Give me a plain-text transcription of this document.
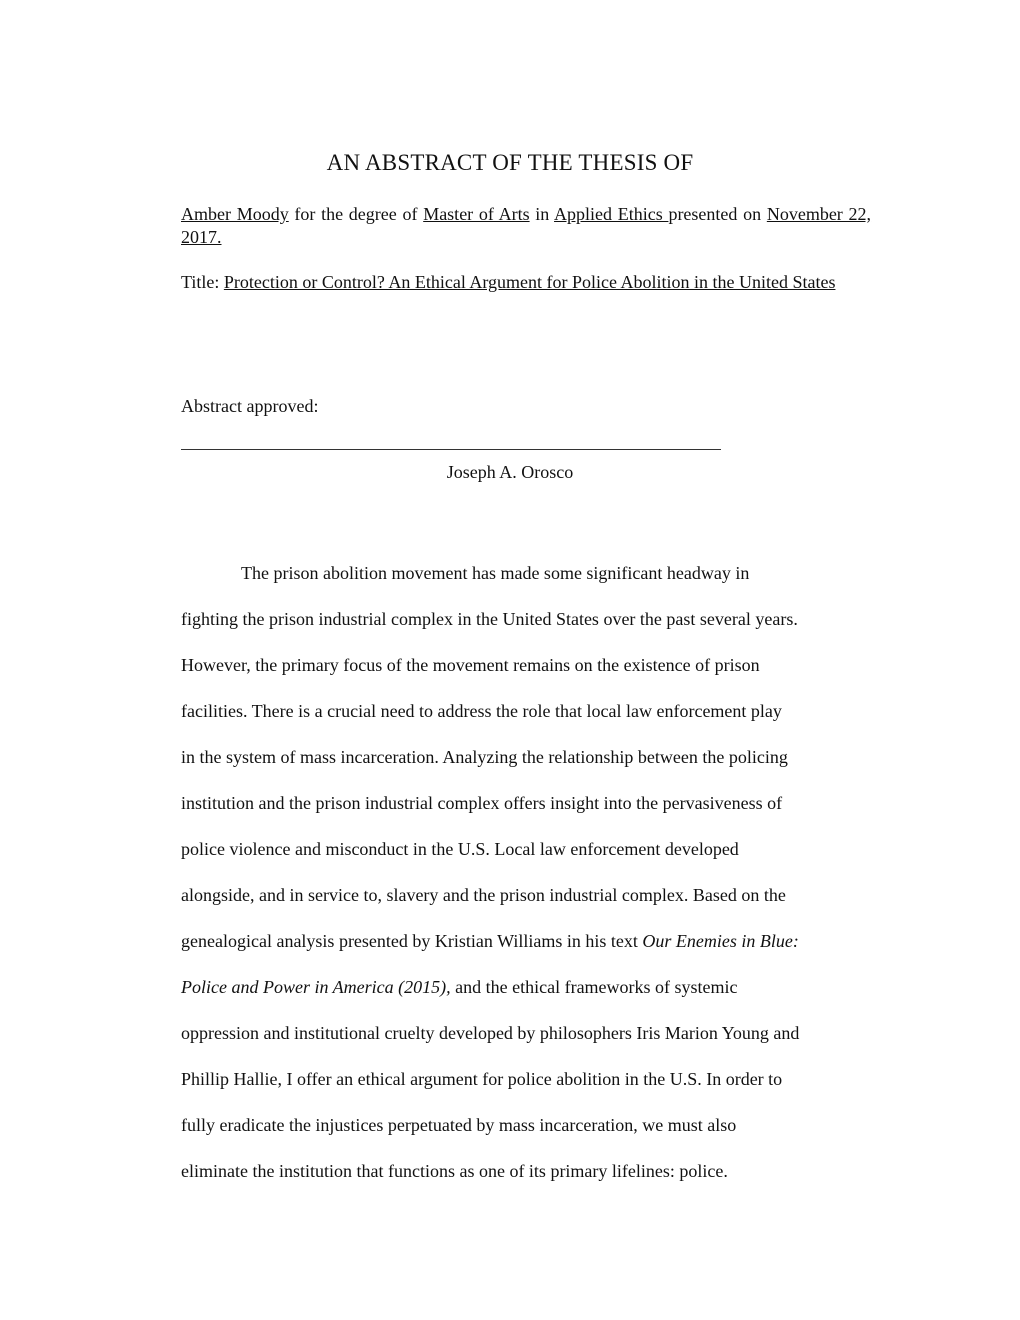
AN ABSTRACT OF THE THESIS OF
Amber Moody for the degree of Master of Arts in Applied Ethics presented on November 22, 2017.
Title: Protection or Control? An Ethical Argument for Police Abolition in the United States
Abstract approved:
Joseph A. Orosco
The prison abolition movement has made some significant headway in
fighting the prison industrial complex in the United States over the past several years.
However, the primary focus of the movement remains on the existence of prison
facilities. There is a crucial need to address the role that local law enforcement play
in the system of mass incarceration. Analyzing the relationship between the policing
institution and the prison industrial complex offers insight into the pervasiveness of
police violence and misconduct in the U.S. Local law enforcement developed
alongside, and in service to, slavery and the prison industrial complex. Based on the
genealogical analysis presented by Kristian Williams in his text Our Enemies in Blue:
Police and Power in America (2015), and the ethical frameworks of systemic
oppression and institutional cruelty developed by philosophers Iris Marion Young and
Phillip Hallie, I offer an ethical argument for police abolition in the U.S. In order to
fully eradicate the injustices perpetuated by mass incarceration, we must also
eliminate the institution that functions as one of its primary lifelines: police.
